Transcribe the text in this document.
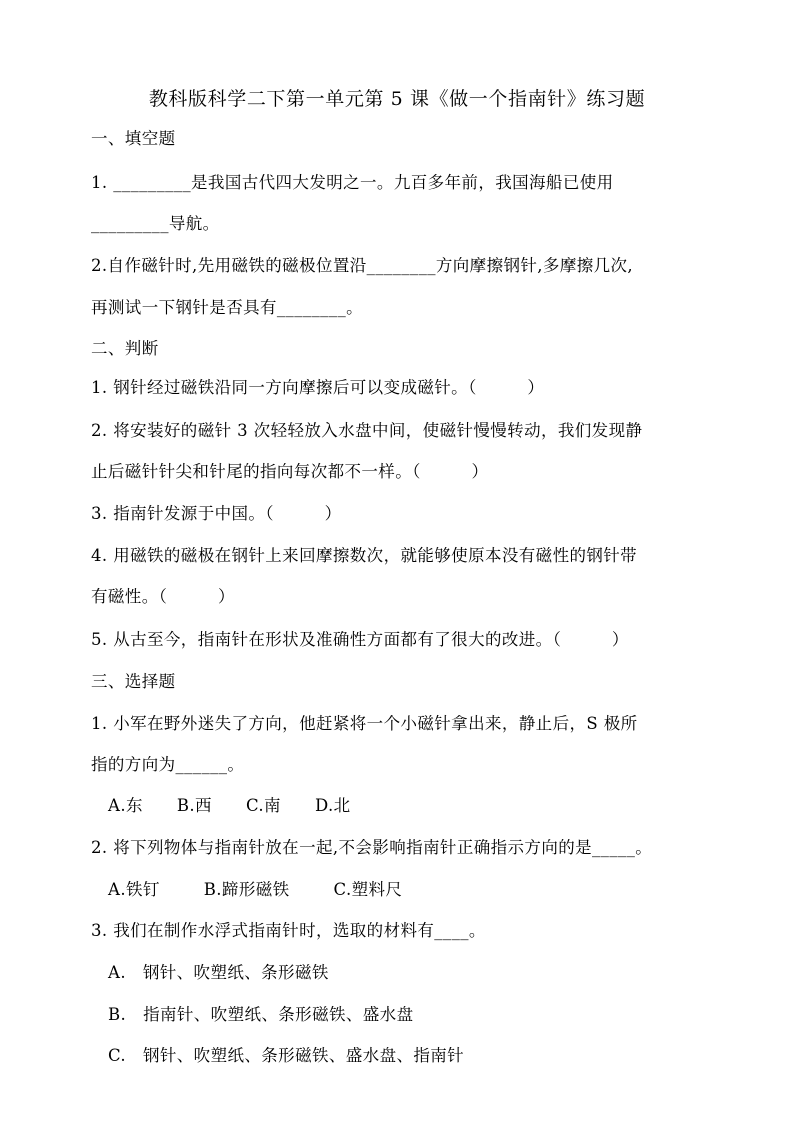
教科版科学二下第一单元第 5 课《做一个指南针》练习题
一、填空题
1. _________是我国古代四大发明之一。九百多年前，我国海船已使用
_________导航。
2.自作磁针时,先用磁铁的磁极位置沿________方向摩擦钢针,多摩擦几次,
再测试一下钢针是否具有________。
二、判断
1. 钢针经过磁铁沿同一方向摩擦后可以变成磁针。（　　　）
2. 将安装好的磁针 3 次轻轻放入水盘中间，使磁针慢慢转动，我们发现静
止后磁针针尖和针尾的指向每次都不一样。（　　　）
3. 指南针发源于中国。（　　　）
4. 用磁铁的磁极在钢针上来回摩擦数次，就能够使原本没有磁性的钢针带
有磁性。（　　　）
5. 从古至今，指南针在形状及准确性方面都有了很大的改进。（　　　）
三、选择题
1. 小军在野外迷失了方向，他赶紧将一个小磁针拿出来，静止后，S 极所
指的方向为______。
A.东 B.西 C.南 D.北
2. 将下列物体与指南针放在一起,不会影响指南针正确指示方向的是_____。
A.铁钉	B.蹄形磁铁	C.塑料尺
3. 我们在制作水浮式指南针时，选取的材料有____。
A.　钢针、吹塑纸、条形磁铁
B.　指南针、吹塑纸、条形磁铁、盛水盘
C.　钢针、吹塑纸、条形磁铁、盛水盘、指南针
